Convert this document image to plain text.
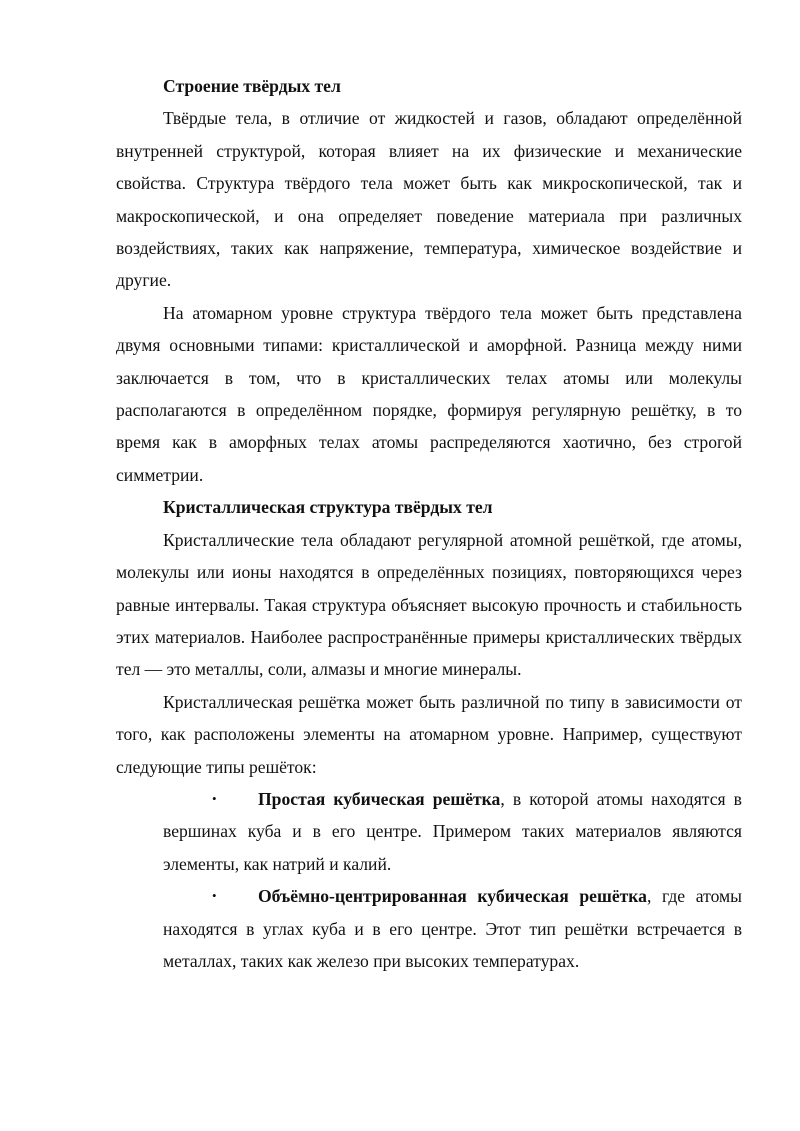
Строение твёрдых тел

Твёрдые тела, в отличие от жидкостей и газов, обладают определённой внутренней структурой, которая влияет на их физические и механические свойства. Структура твёрдого тела может быть как микроскопической, так и макроскопической, и она определяет поведение материала при различных воздействиях, таких как напряжение, температура, химическое воздействие и другие.

На атомарном уровне структура твёрдого тела может быть представлена двумя основными типами: кристаллической и аморфной. Разница между ними заключается в том, что в кристаллических телах атомы или молекулы располагаются в определённом порядке, формируя регулярную решётку, в то время как в аморфных телах атомы распределяются хаотично, без строгой симметрии.

Кристаллическая структура твёрдых тел

Кристаллические тела обладают регулярной атомной решёткой, где атомы, молекулы или ионы находятся в определённых позициях, повторяющихся через равные интервалы. Такая структура объясняет высокую прочность и стабильность этих материалов. Наиболее распространённые примеры кристаллических твёрдых тел — это металлы, соли, алмазы и многие минералы.

Кристаллическая решётка может быть различной по типу в зависимости от того, как расположены элементы на атомарном уровне. Например, существуют следующие типы решёток:

• Простая кубическая решётка, в которой атомы находятся в вершинах куба и в его центре. Примером таких материалов являются элементы, как натрий и калий.
• Объёмно-центрированная кубическая решётка, где атомы находятся в углах куба и в его центре. Этот тип решётки встречается в металлах, таких как железо при высоких температурах.
